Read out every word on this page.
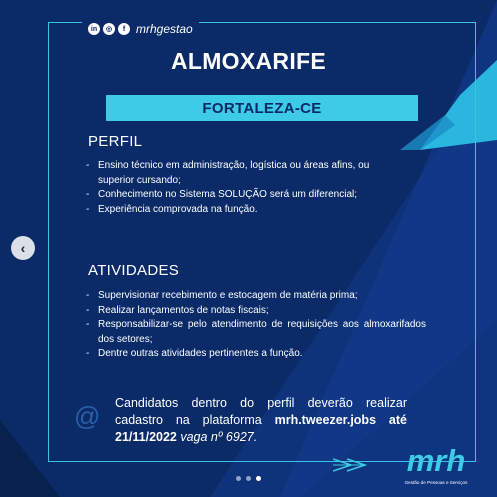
in	◎	f mrhgestao
ALMOXARIFE
FORTALEZA-CE
PERFIL
- Ensino técnico em administração, logística ou áreas afins, ou superior cursando;
- Conhecimento no Sistema SOLUÇÃO será um diferencial;
- Experiência comprovada na função.
ATIVIDADES
- Supervisionar recebimento e estocagem de matéria prima;
- Realizar lançamentos de notas fiscais;
- Responsabilizar-se pelo atendimento de requisições aos almoxarifados dos setores;
- Dentre outras atividades pertinentes a função.
@ Candidatos dentro do perfil deverão realizar
cadastro na plataforma mrh.tweezer.jobs até
21/11/2022 vaga nº 6927.
mrh
Gestão de Pessoas e Serviços
‹
